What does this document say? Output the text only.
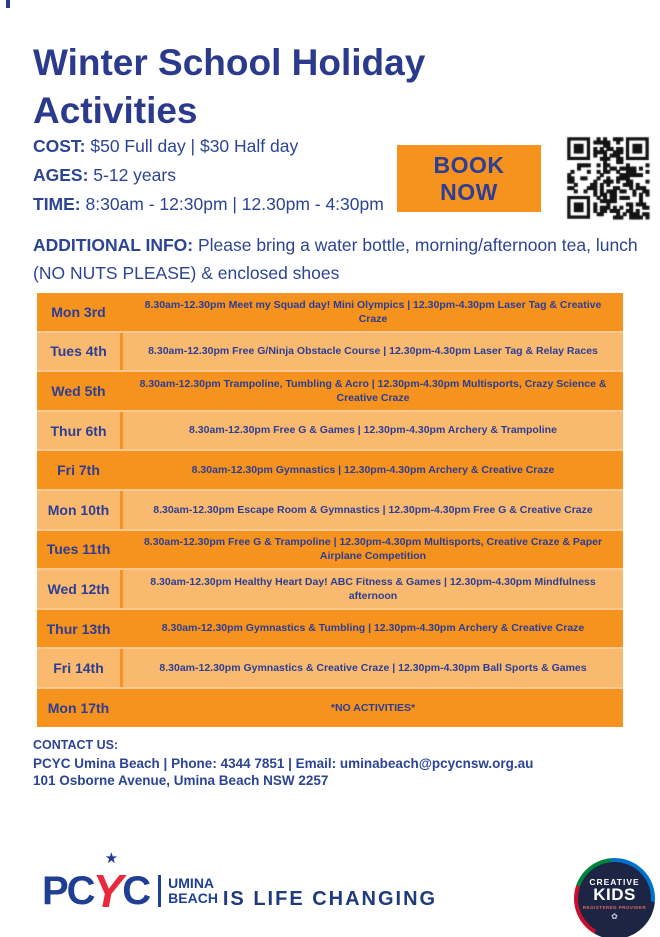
Winter School Holiday Activities
COST: $50 Full day | $30 Half day
AGES: 5-12 years
TIME: 8:30am - 12:30pm | 12.30pm - 4:30pm
BOOK NOW
ADDITIONAL INFO: Please bring a water bottle, morning/afternoon tea, lunch (NO NUTS PLEASE) & enclosed shoes
Mon 3rd	8.30am-12.30pm Meet my Squad day! Mini Olympics | 12.30pm-4.30pm Laser Tag & Creative Craze
Tues 4th	8.30am-12.30pm Free G/Ninja Obstacle Course | 12.30pm-4.30pm Laser Tag & Relay Races
Wed 5th	8.30am-12.30pm Trampoline, Tumbling & Acro | 12.30pm-4.30pm Multisports, Crazy Science & Creative Craze
Thur 6th	8.30am-12.30pm Free G & Games | 12.30pm-4.30pm Archery & Trampoline
Fri 7th	8.30am-12.30pm Gymnastics | 12.30pm-4.30pm Archery & Creative Craze
Mon 10th	8.30am-12.30pm Escape Room & Gymnastics | 12.30pm-4.30pm Free G & Creative Craze
Tues 11th	8.30am-12.30pm Free G & Trampoline | 12.30pm-4.30pm Multisports, Creative Craze & Paper Airplane Competition
Wed 12th	8.30am-12.30pm Healthy Heart Day! ABC Fitness & Games | 12.30pm-4.30pm Mindfulness afternoon
Thur 13th	8.30am-12.30pm Gymnastics & Tumbling | 12.30pm-4.30pm Archery & Creative Craze
Fri 14th	8.30am-12.30pm Gymnastics & Creative Craze | 12.30pm-4.30pm Ball Sports & Games
Mon 17th	*NO ACTIVITIES*
CONTACT US:
PCYC Umina Beach | Phone: 4344 7851 | Email: uminabeach@pcycnsw.org.au
101 Osborne Avenue, Umina Beach NSW 2257
PC
★
Y C UMINA
BEACH IS LIFE CHANGING
CREATIVE
KIDS
REGISTERED PROVIDER
✿
